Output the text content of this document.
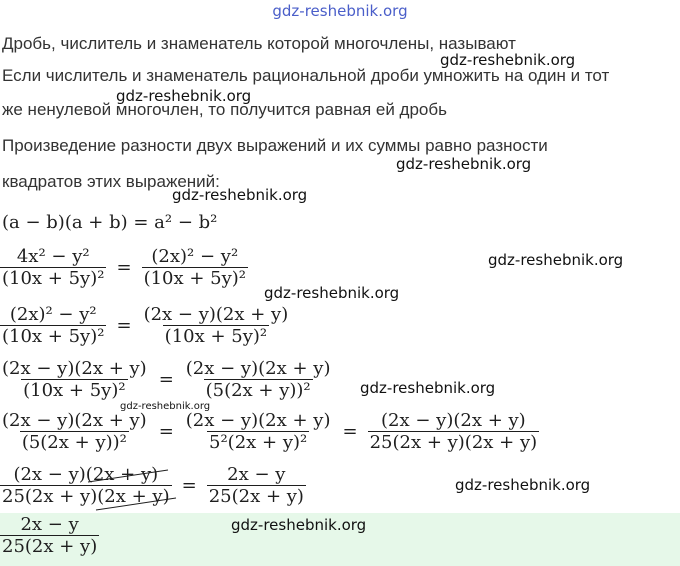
gdz-reshebnik.org
Дробь, числитель и знаменатель которой многочлены, называют
Если числитель и знаменатель рациональной дроби умножить на один и тот
же ненулевой многочлен, то получится равная ей дробь
Произведение разности двух выражений и их суммы равно разности
квадратов этих выражений:
(a − b)(a + b) = a² − b²
$\frac{\text{4x² − y²}}{\text{(10x + 5y)²}} = \frac{\text{(2x)² − y²}}{\text{(10x + 5y)²}}$
$\frac{\text{(2x)² − y²}}{\text{(10x + 5y)²}} = \frac{(2x - y)(2x + y)}{\text{(10x + 5y)²}}$
$\frac{(2x - y)(2x + y)}{\text{(10x + 5y)²}} = \frac{(2x - y)(2x + y)}{\text{(5(2x + y))²}}$
$\frac{(2x - y)(2x + y)}{\text{(5(2x + y))²}} = \frac{(2x - y)(2x + y)}{\text{5²(2x + y)²}} = \frac{(2x - y)(2x + y)}{25(2x + y)(2x + y)}$
$\frac{(2x - y)(2x + y)}{25(2x + y)(2x + y)} = \frac{2x - y}{25(2x + y)}$
$\frac{2x - y}{25(2x + y)}$
gdz-reshebnik.org
gdz-reshebnik.org
gdz-reshebnik.org
gdz-reshebnik.org
gdz-reshebnik.org
gdz-reshebnik.org
gdz-reshebnik.org
gdz-reshebnik.org
gdz-reshebnik.org
gdz-reshebnik.org
